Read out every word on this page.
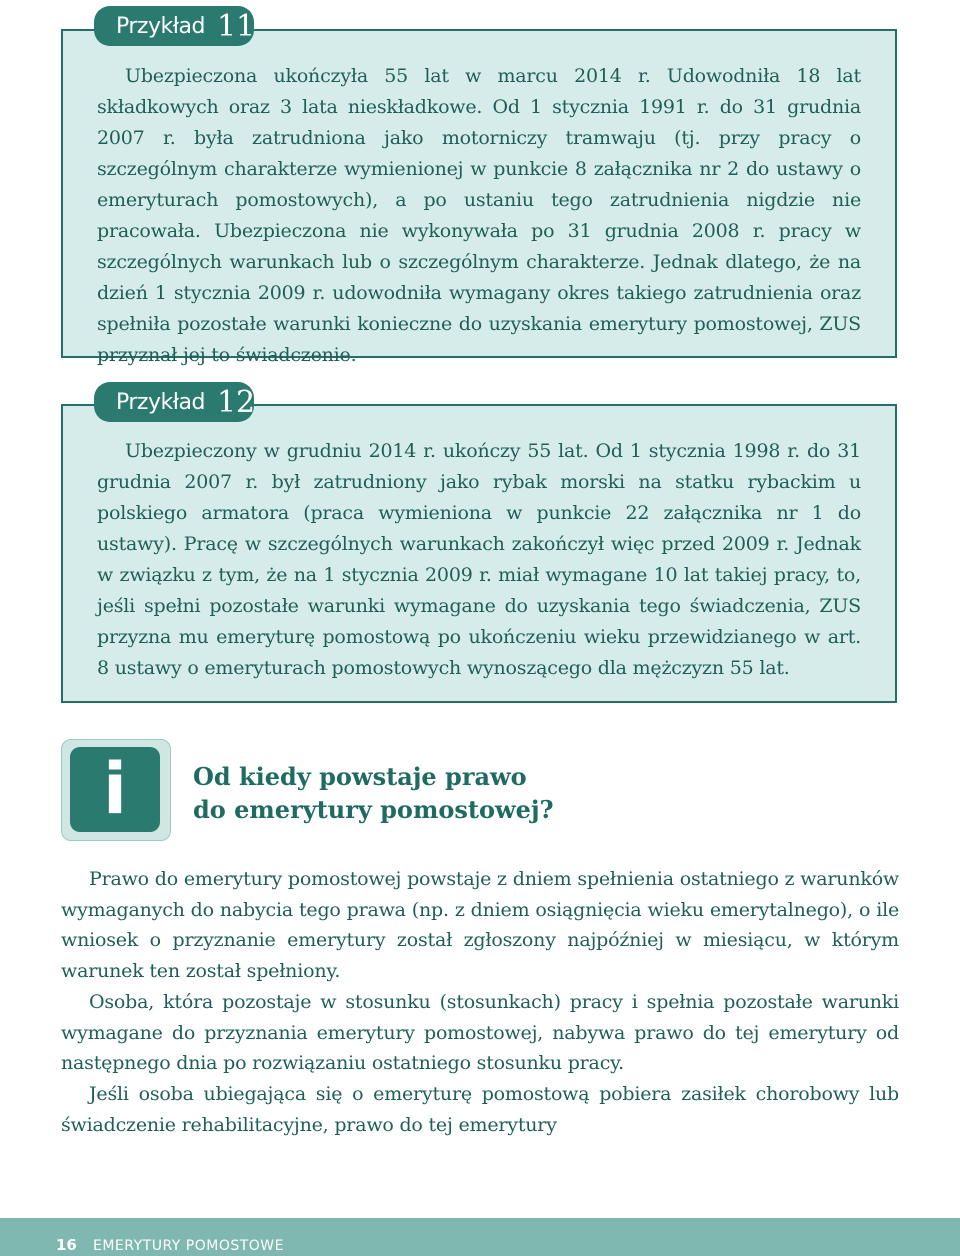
Ubezpieczona ukończyła 55 lat w marcu 2014 r. Udowodniła 18 lat składkowych oraz 3 lata nieskładkowe. Od 1 stycznia 1991 r. do 31 grudnia 2007 r. była zatrudniona jako motorniczy tramwaju (tj. przy pracy o szczególnym charakterze wymienionej w punkcie 8 załącznika nr 2 do ustawy o emeryturach pomostowych), a po ustaniu tego zatrudnienia nigdzie nie pracowała. Ubezpieczona nie wykonywała po 31 grudnia 2008 r. pracy w szczególnych warunkach lub o szczególnym charakterze. Jednak dlatego, że na dzień 1 stycznia 2009 r. udowodniła wymagany okres takiego zatrudnienia oraz spełniła pozostałe warunki konieczne do uzyskania emerytury pomostowej, ZUS przyznał jej to świadczenie.

Przykład 11

Ubezpieczony w grudniu 2014 r. ukończy 55 lat. Od 1 stycznia 1998 r. do 31 grudnia 2007 r. był zatrudniony jako rybak morski na statku rybackim u polskiego armatora (praca wymieniona w punkcie 22 załącznika nr 1 do ustawy). Pracę w szczególnych warunkach zakończył więc przed 2009 r. Jednak w związku z tym, że na 1 stycznia 2009 r. miał wymagane 10 lat takiej pracy, to, jeśli spełni pozostałe warunki wymagane do uzyskania tego świadczenia, ZUS przyzna mu emeryturę pomostową po ukończeniu wieku przewidzianego w art. 8 ustawy o emeryturach pomostowych wynoszącego dla mężczyzn 55 lat.

Przykład 12
i	Od kiedy powstaje prawo
do emerytury pomostowej?

Prawo do emerytury pomostowej powstaje z dniem spełnienia ostatniego z warunków wymaganych do nabycia tego prawa (np. z dniem osiągnięcia wieku emerytalnego), o ile wniosek o przyznanie emerytury został zgłoszony najpóźniej w miesiącu, w którym warunek ten został spełniony.

Osoba, która pozostaje w stosunku (stosunkach) pracy i spełnia pozostałe warunki wymagane do przyznania emerytury pomostowej, nabywa prawo do tej emerytury od następnego dnia po rozwiązaniu ostatniego stosunku pracy.

Jeśli osoba ubiegająca się o emeryturę pomostową pobiera zasiłek chorobowy lub świadczenie rehabilitacyjne, prawo do tej emerytury

16 EMERYTURY POMOSTOWE
